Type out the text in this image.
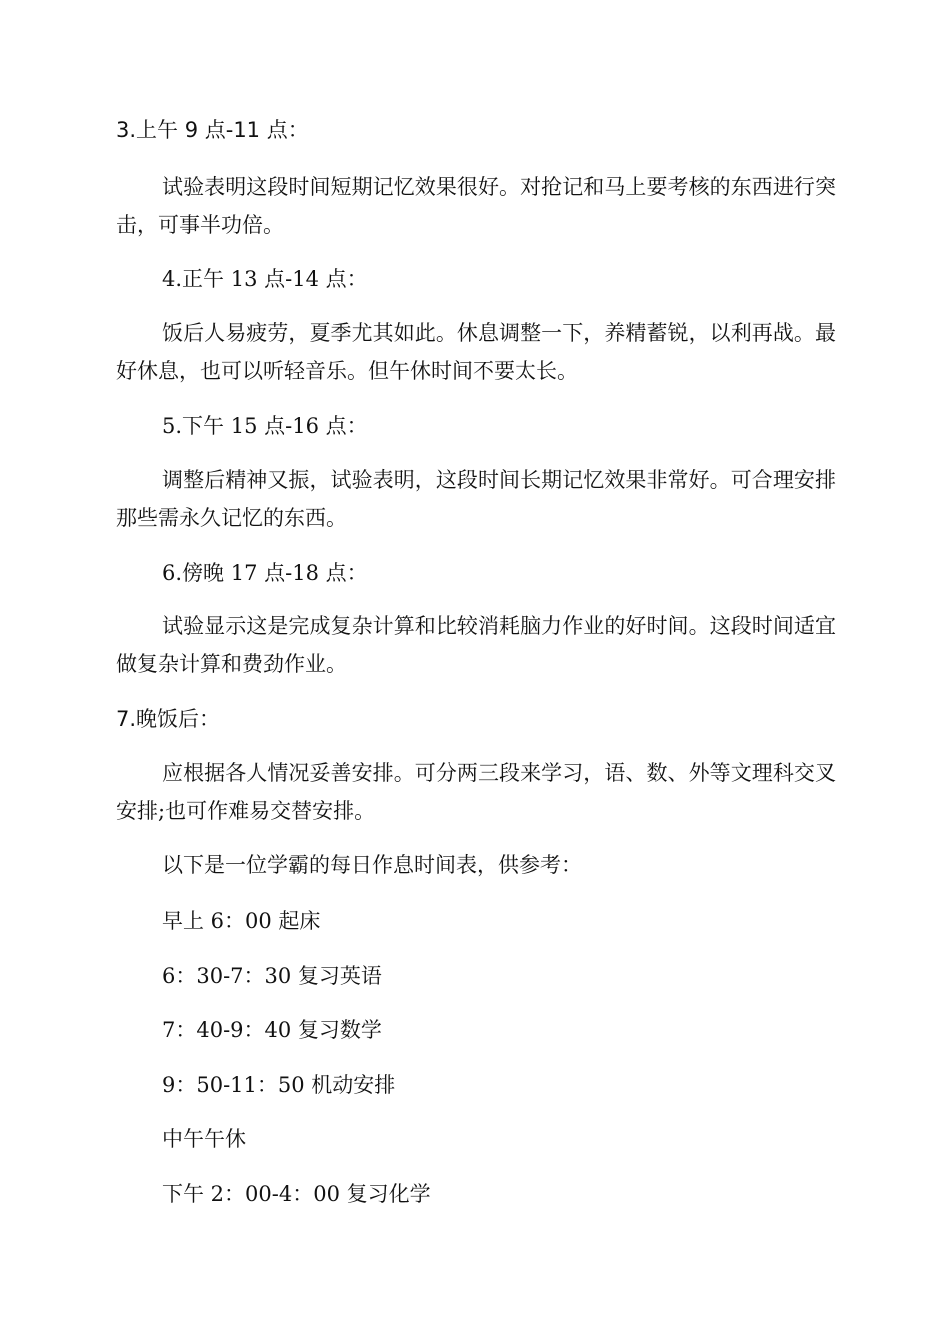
3.上午 9 点-11 点：
试验表明这段时间短期记忆效果很好。对抢记和马上要考核的东西进行突击，可事半功倍。
4.正午 13 点-14 点：
饭后人易疲劳，夏季尤其如此。休息调整一下，养精蓄锐，以利再战。最好休息，也可以听轻音乐。但午休时间不要太长。
5.下午 15 点-16 点：
调整后精神又振，试验表明，这段时间长期记忆效果非常好。可合理安排那些需永久记忆的东西。
6.傍晚 17 点-18 点：
试验显示这是完成复杂计算和比较消耗脑力作业的好时间。这段时间适宜做复杂计算和费劲作业。
7.晚饭后：
应根据各人情况妥善安排。可分两三段来学习，语、数、外等文理科交叉安排;也可作难易交替安排。
以下是一位学霸的每日作息时间表，供参考：
早上 6：00 起床
6：30-7：30 复习英语
7：40-9：40 复习数学
9：50-11：50 机动安排
中午午休
下午 2：00-4：00 复习化学
